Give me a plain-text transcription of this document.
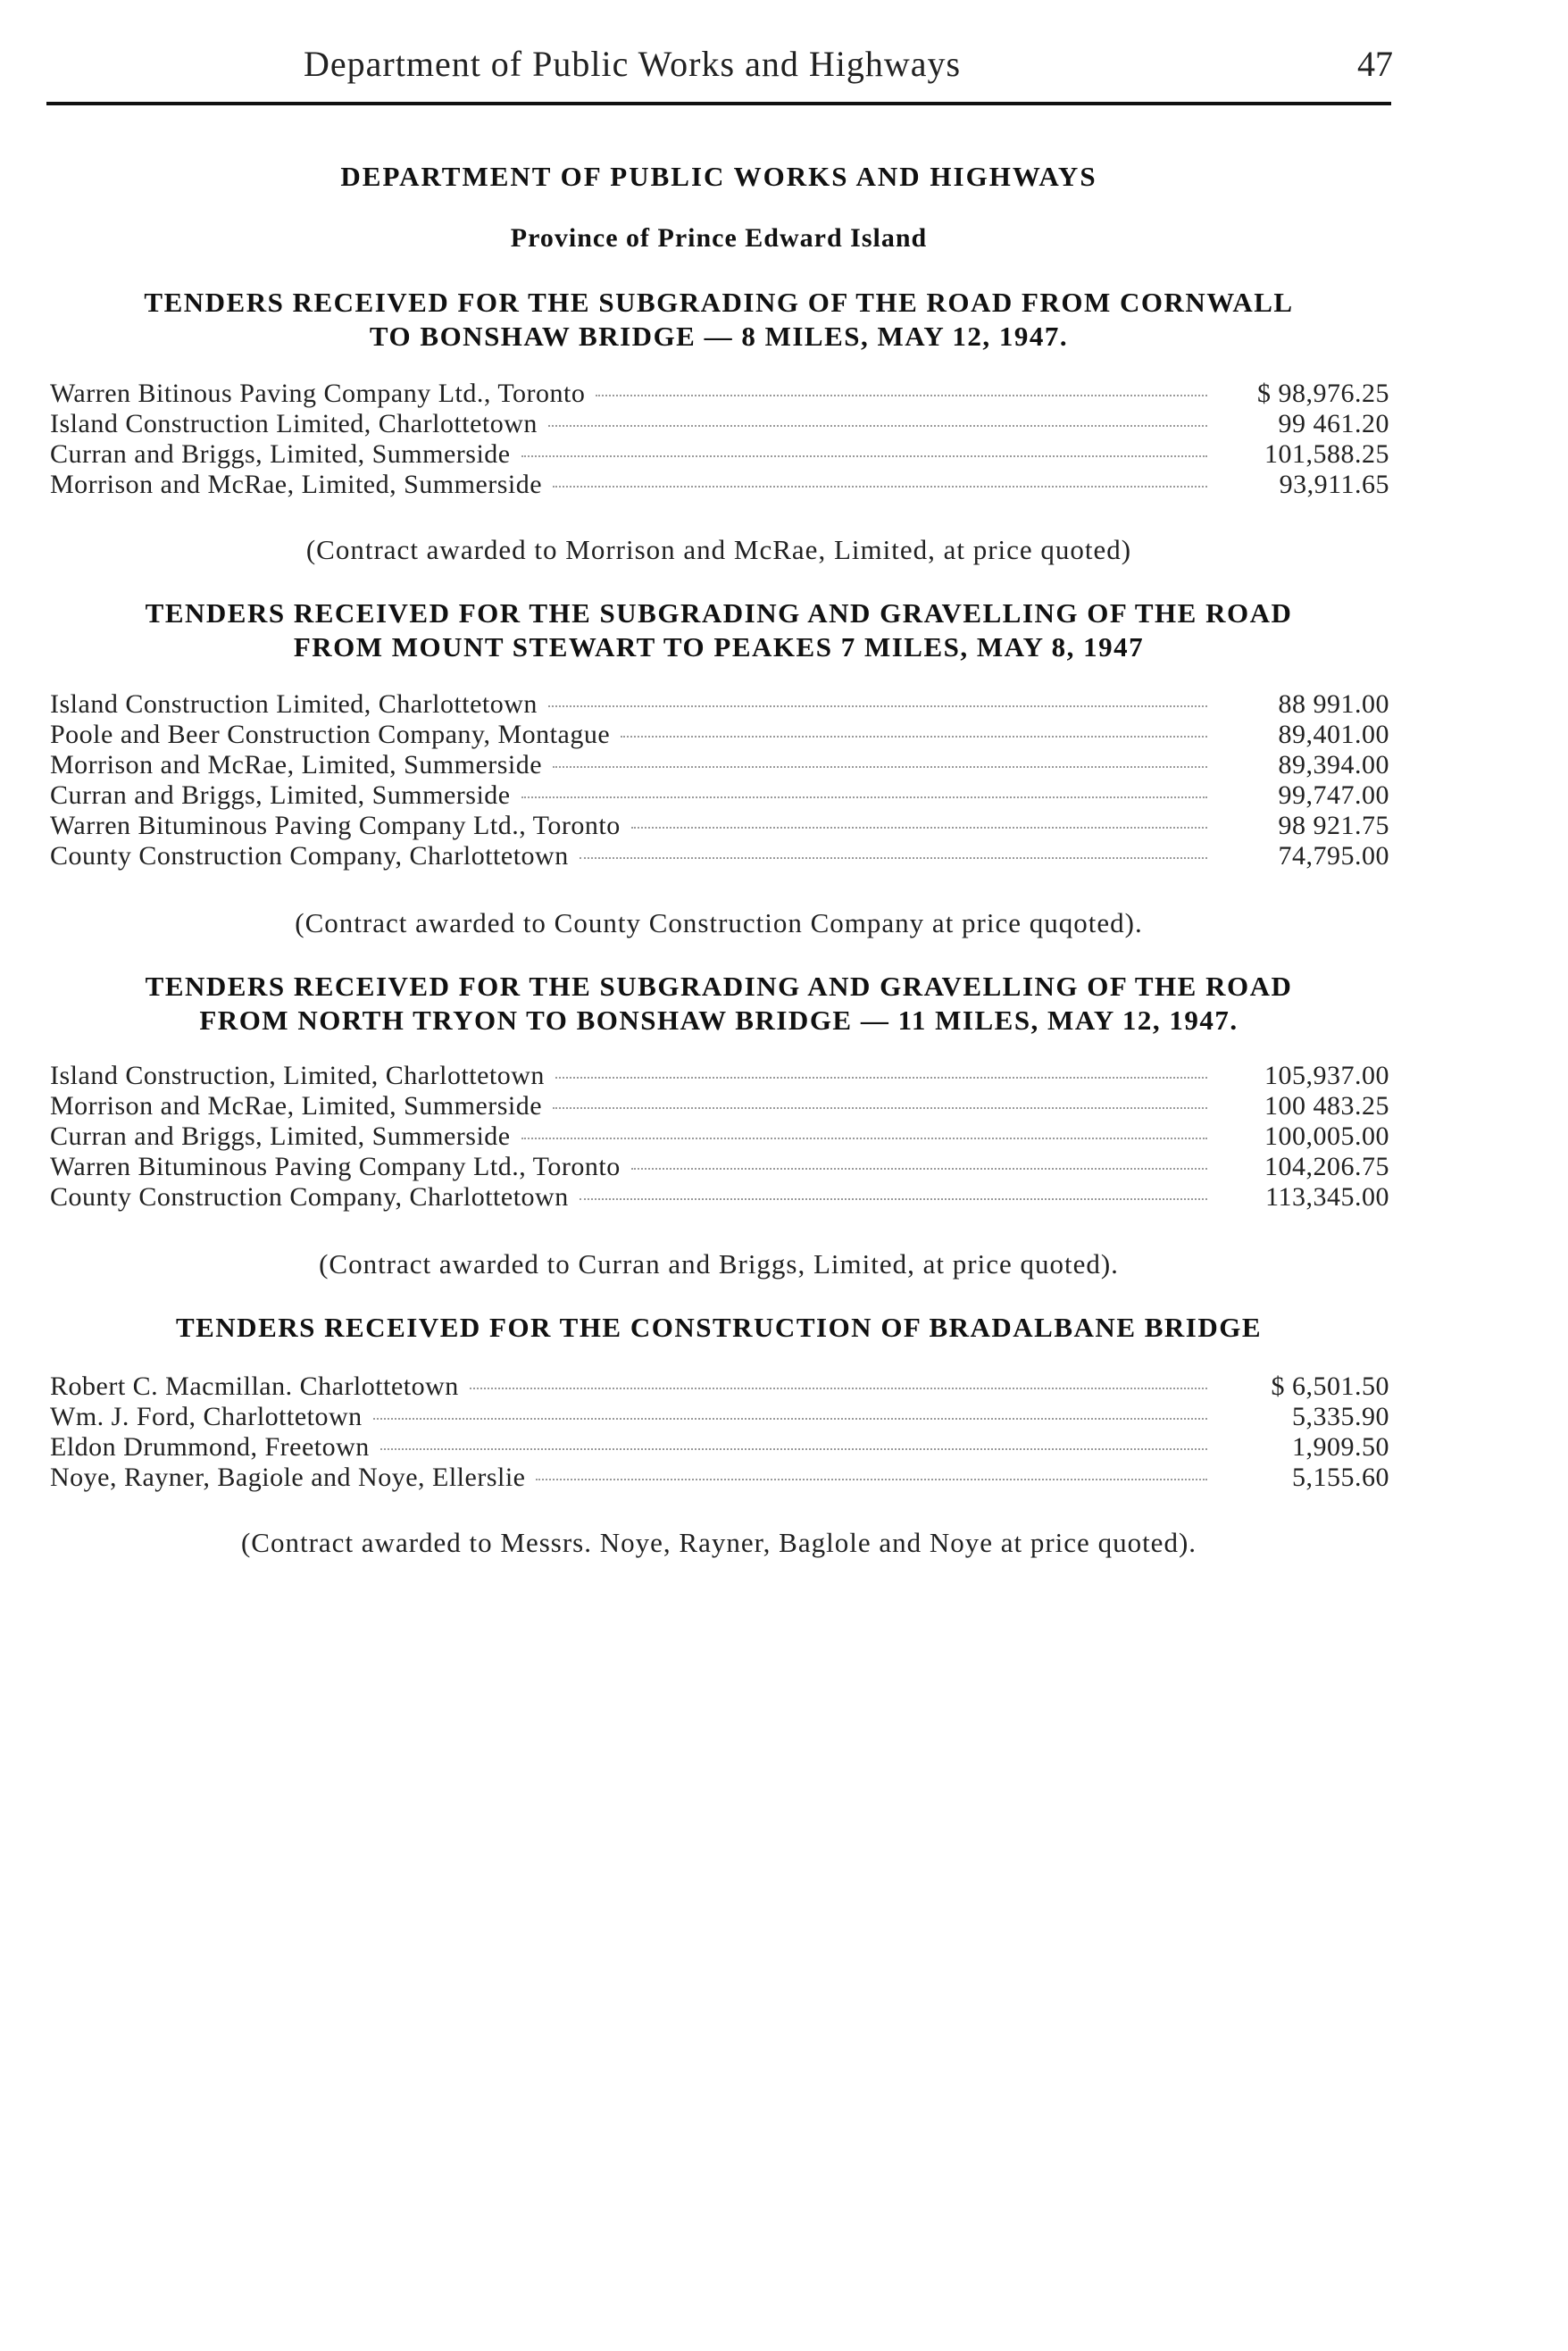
Department of Public Works and Highways	47
DEPARTMENT OF PUBLIC WORKS AND HIGHWAYS
Province of Prince Edward Island
TENDERS RECEIVED FOR THE SUBGRADING OF THE ROAD FROM CORNWALL
TO BONSHAW BRIDGE — 8 MILES, MAY 12, 1947.
Warren Bitinous Paving Company Ltd., Toronto	$ 98,976.25
Island Construction Limited, Charlottetown	99 461.20
Curran and Briggs, Limited, Summerside	101,588.25
Morrison and McRae, Limited, Summerside	93,911.65
(Contract awarded to Morrison and McRae, Limited, at price quoted)
TENDERS RECEIVED FOR THE SUBGRADING AND GRAVELLING OF THE ROAD
FROM MOUNT STEWART TO PEAKES 7 MILES, MAY 8, 1947
Island Construction Limited, Charlottetown	88 991.00
Poole and Beer Construction Company, Montague	89,401.00
Morrison and McRae, Limited, Summerside	89,394.00
Curran and Briggs, Limited, Summerside	99,747.00
Warren Bituminous Paving Company Ltd., Toronto	98 921.75
County Construction Company, Charlottetown	74,795.00
(Contract awarded to County Construction Company at price quqoted).
TENDERS RECEIVED FOR THE SUBGRADING AND GRAVELLING OF THE ROAD
FROM NORTH TRYON TO BONSHAW BRIDGE — 11 MILES, MAY 12, 1947.
Island Construction, Limited, Charlottetown	105,937.00
Morrison and McRae, Limited, Summerside	100 483.25
Curran and Briggs, Limited, Summerside	100,005.00
Warren Bituminous Paving Company Ltd., Toronto	104,206.75
County Construction Company, Charlottetown	113,345.00
(Contract awarded to Curran and Briggs, Limited, at price quoted).
TENDERS RECEIVED FOR THE CONSTRUCTION OF BRADALBANE BRIDGE
Robert C. Macmillan. Charlottetown	$ 6,501.50
Wm. J. Ford, Charlottetown	5,335.90
Eldon Drummond, Freetown	1,909.50
Noye, Rayner, Bagiole and Noye, Ellerslie	5,155.60
(Contract awarded to Messrs. Noye, Rayner, Baglole and Noye at price quoted).
